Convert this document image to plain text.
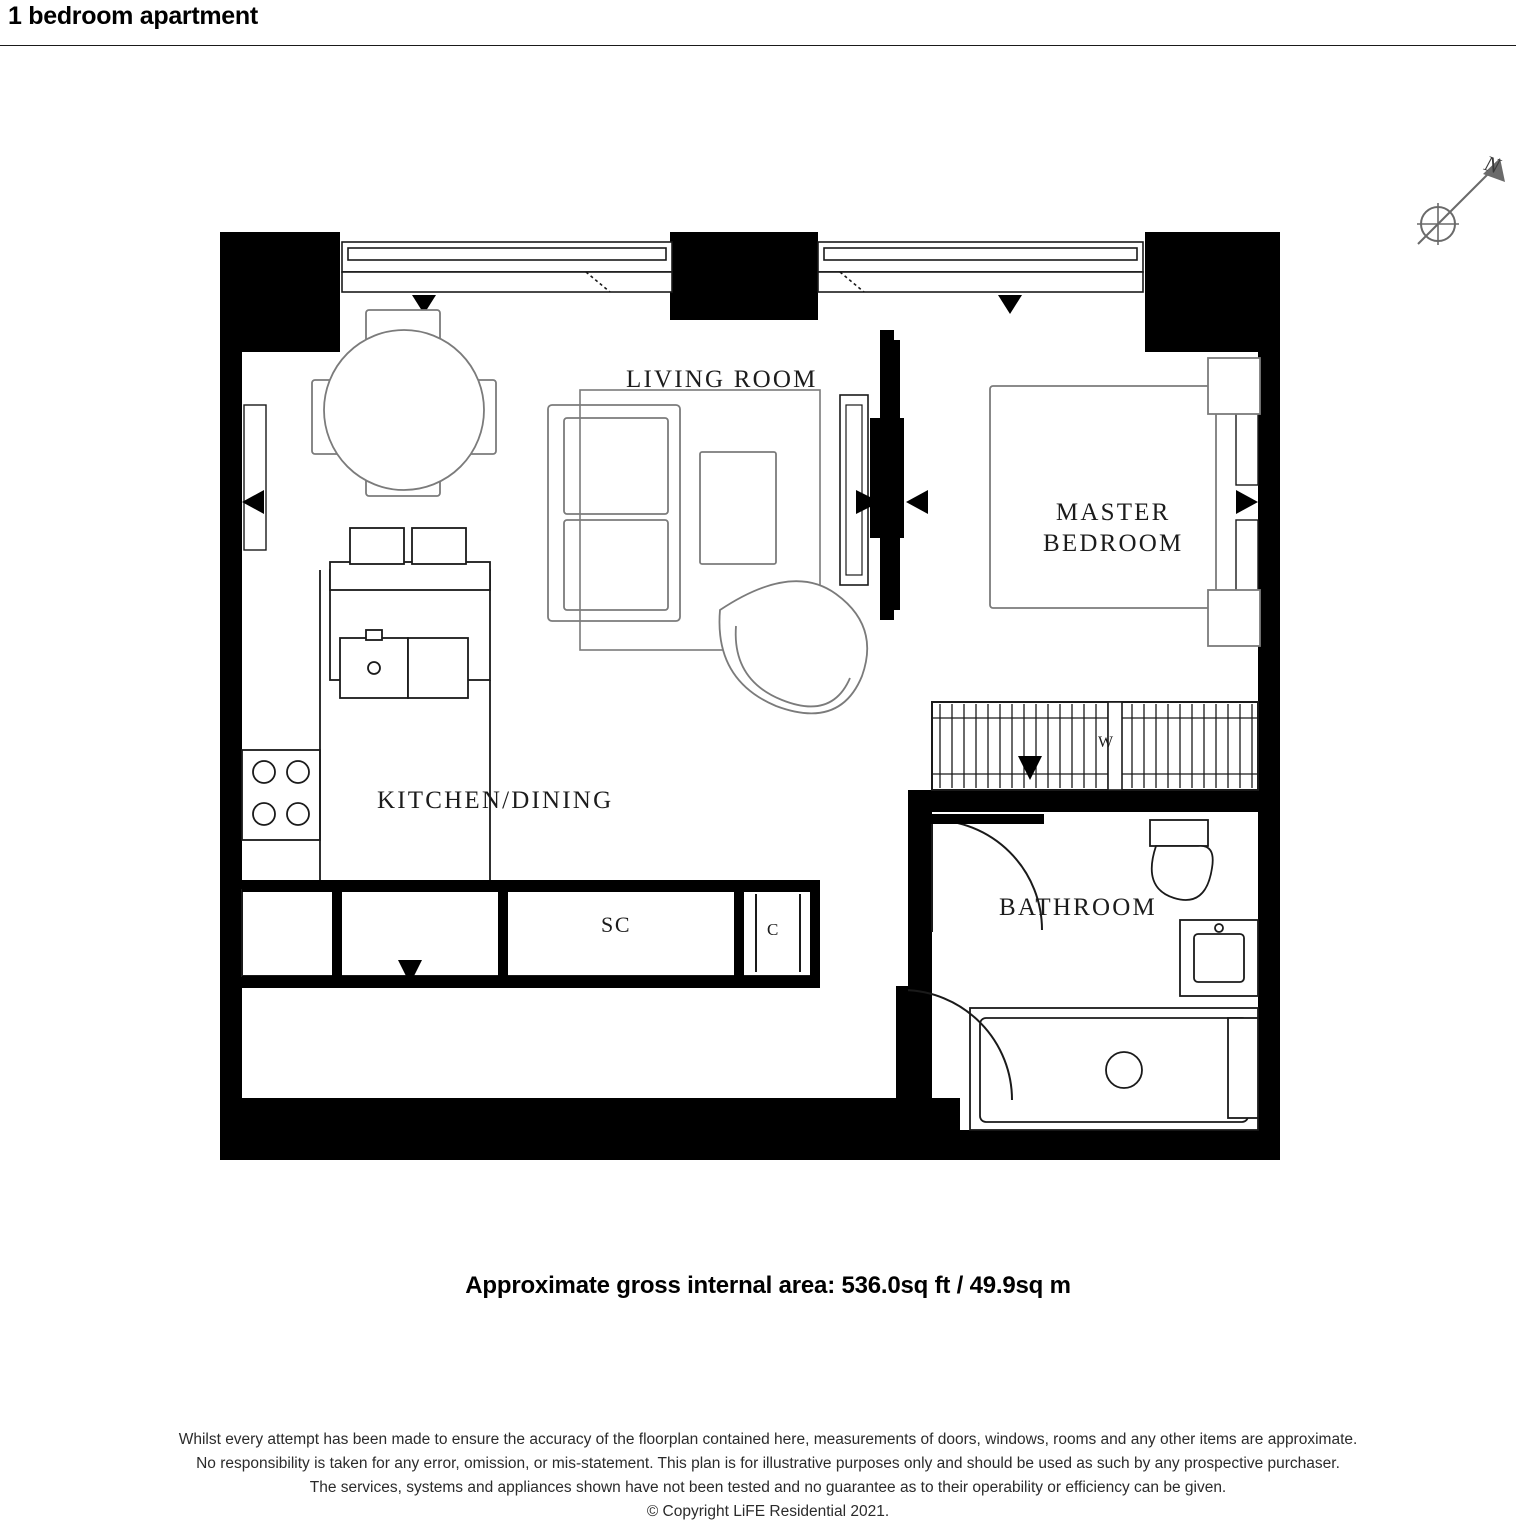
1 bedroom apartment
N
LIVING ROOM
MASTER
BEDROOM
KITCHEN/DINING
BATHROOM
SC	C
W
Approximate gross internal area: 536.0sq ft / 49.9sq m
Whilst every attempt has been made to ensure the accuracy of the floorplan contained here, measurements of doors, windows, rooms and any other items are approximate.
No responsibility is taken for any error, omission, or mis-statement. This plan is for illustrative purposes only and should be used as such by any prospective purchaser.
The services, systems and appliances shown have not been tested and no guarantee as to their operability or efficiency can be given.
© Copyright LiFE Residential 2021.
